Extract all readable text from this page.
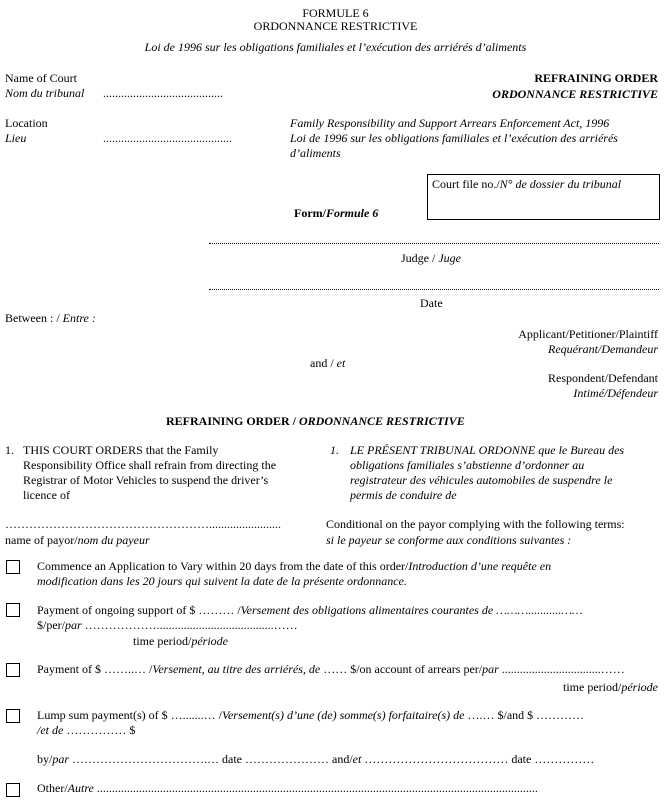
FORMULE 6
ORDONNANCE RESTRICTIVE
Loi de 1996 sur les obligations familiales et l’exécution des arriérés d’aliments
Name of Court
Nom du tribunal ........................................
Location
Lieu	...........................................
REFRAINING ORDER
ORDONNANCE RESTRICTIVE
Family Responsibility and Support Arrears Enforcement Act, 1996
Loi de 1996 sur les obligations familiales et l’exécution des arriérés
d’aliments
Court file no./N° de dossier du tribunal
Form/Formule 6
Judge / Juge
Date
Between : / Entre :
Applicant/Petitioner/Plaintiff
Requérant/Demandeur
and / et
Respondent/Defendant
Intimé/Défendeur
REFRAINING ORDER / ORDONNANCE RESTRICTIVE
1. THIS COURT ORDERS that the Family
Responsibility Office shall refrain from directing the
Registrar of Motor Vehicles to suspend the driver’s
licence of
1. LE PRÉSENT TRIBUNAL ORDONNE que le Bureau des
obligations familiales s’abstienne d’ordonner au
registrateur des véhicules automobiles de suspendre le
permis de conduire de
……………………………………………........................
name of payor/nom du payeur
Conditional on the payor complying with the following terms:
si le payeur se conforme aux conditions suivantes :
Commence an Application to Vary within 20 days from the date of this order/Introduction d’une requête en
modification dans les 20 jours qui suivent la date de la présente ordonnance.
Payment of ongoing support of $ ……… /Versement des obligations alimentaires courantes de ………...........……
$/per/par ……………….......................................……
time period/période
Payment of $ ……..… /Versement, au titre des arriérés, de …… $/on account of arrears per/par .................................……
time period/période
Lump sum payment(s) of $ ….......… /Versement(s) d’une (de) somme(s) forfaitaire(s) de ….… $/and $ …………
/et de …………… $
by/par …………………………….… date ………………… and/et ……………………………… date ……………
Other/Autre ...................................................................................................................................................
